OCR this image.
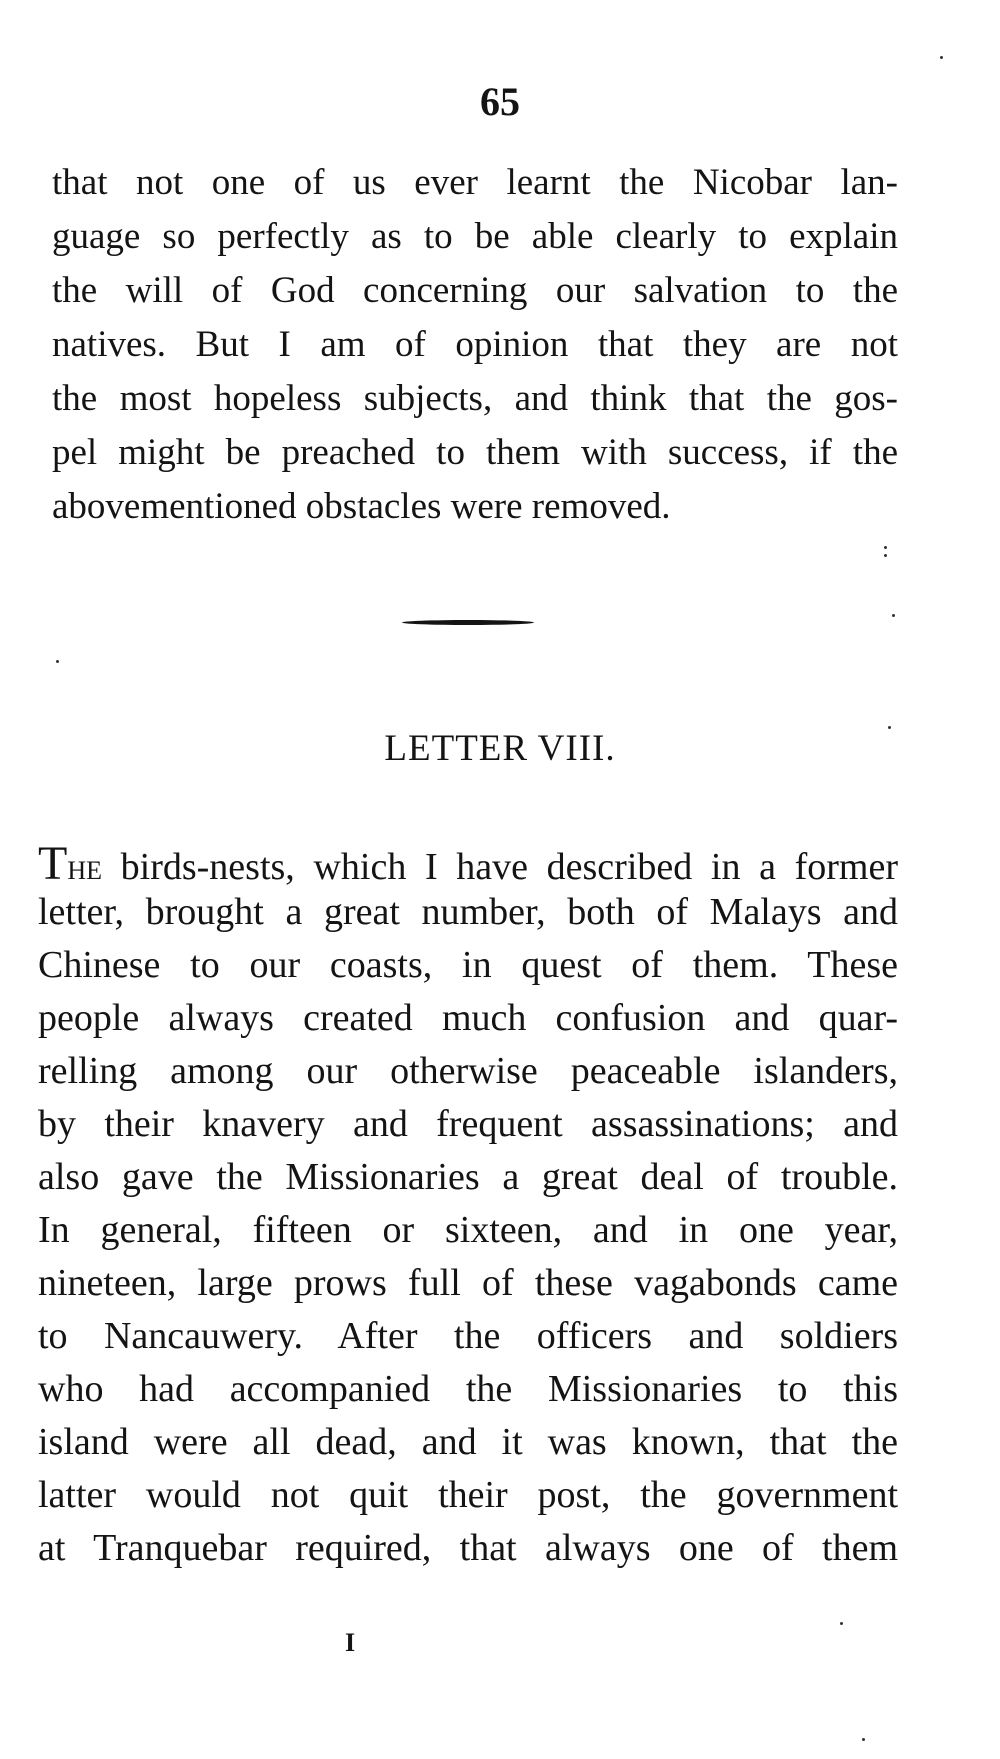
65
that not one of us ever learnt the Nicobar lan-
guage so perfectly as to be able clearly to explain
the will of God concerning our salvation to the
natives. But I am of opinion that they are not
the most hopeless subjects, and think that the gos-
pel might be preached to them with success, if the
abovementioned obstacles were removed.
LETTER VIII.
THE birds-nests, which I have described in a former
letter, brought a great number, both of Malays and
Chinese to our coasts, in quest of them. These
people always created much confusion and quar-
relling among our otherwise peaceable islanders,
by their knavery and frequent assassinations; and
also gave the Missionaries a great deal of trouble.
In general, fifteen or sixteen, and in one year,
nineteen, large prows full of these vagabonds came
to Nancauwery. After the officers and soldiers
who had accompanied the Missionaries to this
island were all dead, and it was known, that the
latter would not quit their post, the government
at Tranquebar required, that always one of them
I
